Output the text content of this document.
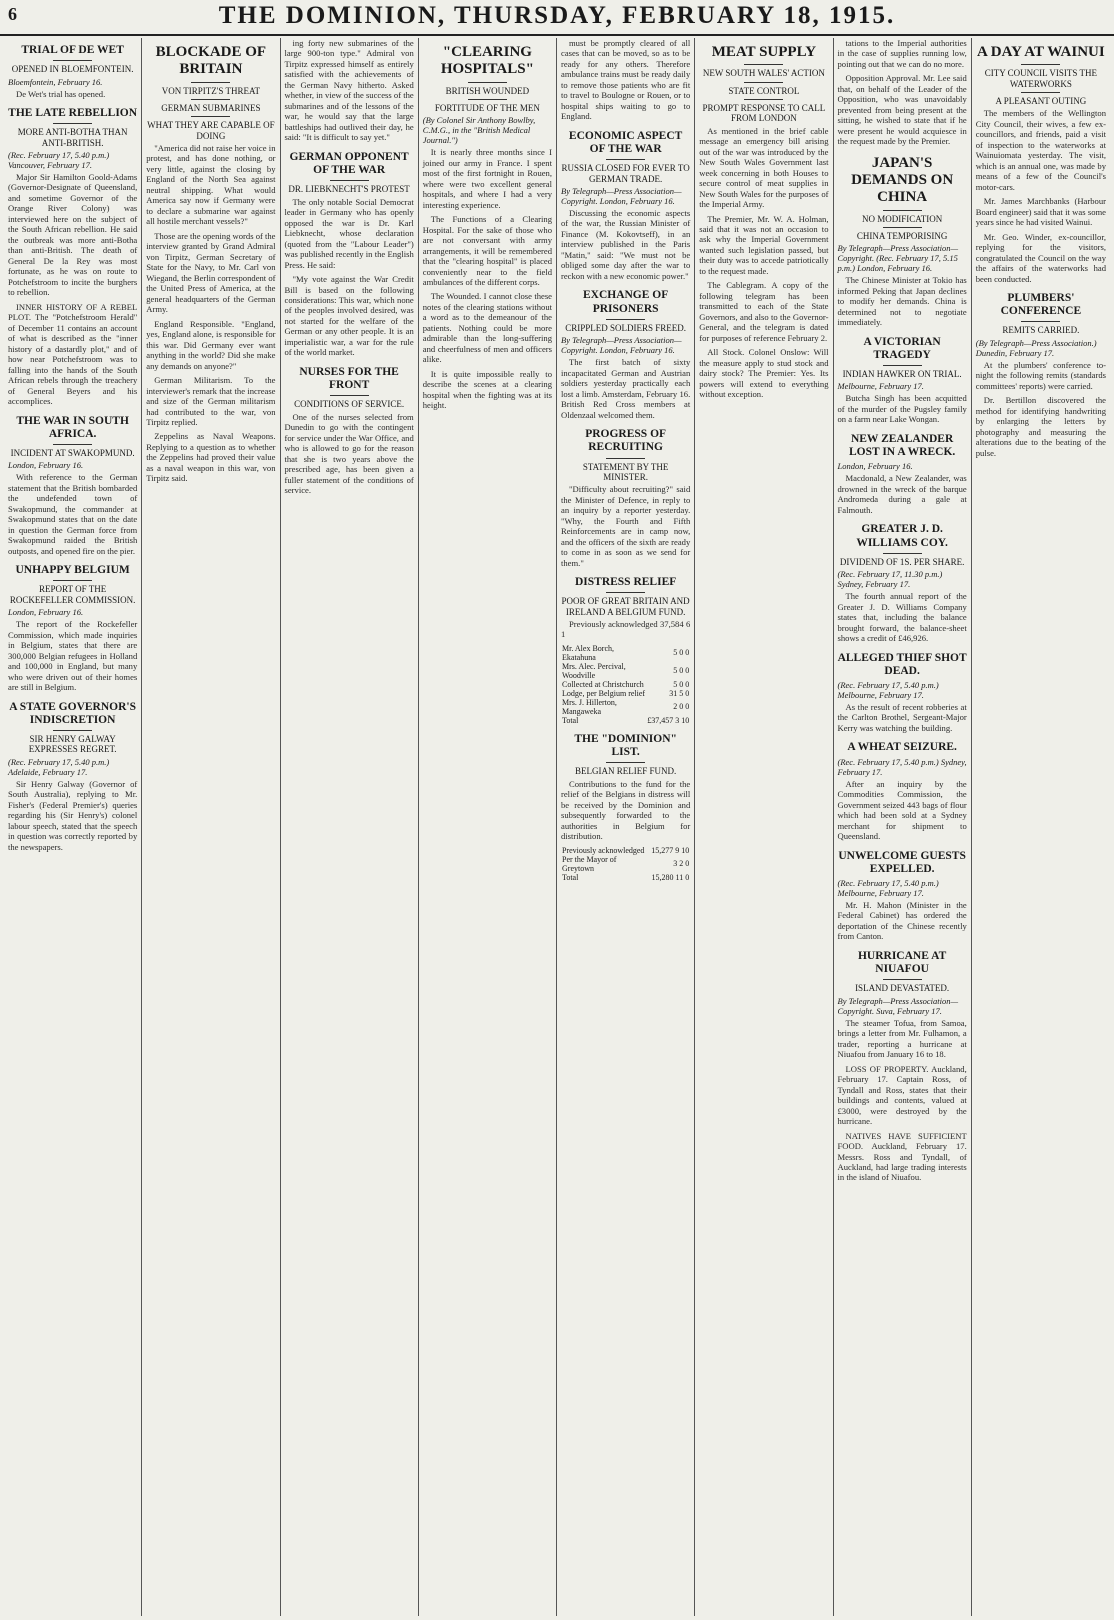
6	THE DOMINION, THURSDAY, FEBRUARY 18, 1915.
TRIAL OF DE WET
OPENED IN BLOEMFONTEIN.
Bloemfontein, February 16.

De Wet's trial has opened.

THE LATE REBELLION
MORE ANTI-BOTHA THAN ANTI-BRITISH.
(Rec. February 17, 5.40 p.m.) Vancouver, February 17.

Major Sir Hamilton Goold-Adams (Governor-Designate of Queensland, and sometime Governor of the Orange River Colony) was interviewed here on the subject of the South African rebellion. He said the outbreak was more anti-Botha than anti-British. The death of General De la Rey was most fortunate, as he was on route to Potchefstroom to incite the burghers to rebellion.

INNER HISTORY OF A REBEL PLOT. The "Potchefstroom Herald" of December 11 contains an account of what is described as the "inner history of a dastardly plot," and of how near Potchefstroom was to falling into the hands of the South African rebels through the treachery of General Beyers and his accomplices.

THE WAR IN SOUTH AFRICA.
INCIDENT AT SWAKOPMUND.
London, February 16.

With reference to the German statement that the British bombarded the undefended town of Swakopmund, the commander at Swakopmund states that on the date in question the German force from Swakopmund raided the British outposts, and opened fire on the pier.

UNHAPPY BELGIUM
REPORT OF THE ROCKEFELLER COMMISSION.
London, February 16.

The report of the Rockefeller Commission, which made inquiries in Belgium, states that there are 300,000 Belgian refugees in Holland and 100,000 in England, but many who were driven out of their homes are still in Belgium.

A STATE GOVERNOR'S INDISCRETION
SIR HENRY GALWAY EXPRESSES REGRET.
(Rec. February 17, 5.40 p.m.) Adelaide, February 17.

Sir Henry Galway (Governor of South Australia), replying to Mr. Fisher's (Federal Premier's) queries regarding his (Sir Henry's) colonel labour speech, stated that the speech in question was correctly reported by the newspapers.

BLOCKADE OF BRITAIN
VON TIRPITZ'S THREAT
GERMAN SUBMARINES
WHAT THEY ARE CAPABLE OF DOING

"America did not raise her voice in protest, and has done nothing, or very little, against the closing by England of the North Sea against neutral shipping. What would America say now if Germany were to declare a submarine war against all hostile merchant vessels?"

Those are the opening words of the interview granted by Grand Admiral von Tirpitz, German Secretary of State for the Navy, to Mr. Carl von Wiegand, the Berlin correspondent of the United Press of America, at the general headquarters of the German Army.

England Responsible. "England, yes, England alone, is responsible for this war. Did Germany ever want anything in the world? Did she make any demands on anyone?"

German Militarism. To the interviewer's remark that the increase and size of the German militarism had contributed to the war, von Tirpitz replied.

Zeppelins as Naval Weapons. Replying to a question as to whether the Zeppelins had proved their value as a naval weapon in this war, von Tirpitz said.

ing forty new submarines of the large 900-ton type." Admiral von Tirpitz expressed himself as entirely satisfied with the achievements of the German Navy hitherto. Asked whether, in view of the success of the submarines and of the lessons of the war, he would say that the large battleships had outlived their day, he said: "It is difficult to say yet."

GERMAN OPPONENT OF THE WAR
DR. LIEBKNECHT'S PROTEST

The only notable Social Democrat leader in Germany who has openly opposed the war is Dr. Karl Liebknecht, whose declaration (quoted from the "Labour Leader") was published recently in the English Press. He said:

"My vote against the War Credit Bill is based on the following considerations: This war, which none of the peoples involved desired, was not started for the welfare of the German or any other people. It is an imperialistic war, a war for the rule of the world market.

NURSES FOR THE FRONT
CONDITIONS OF SERVICE.

One of the nurses selected from Dunedin to go with the contingent for service under the War Office, and who is allowed to go for the reason that she is two years above the prescribed age, has been given a fuller statement of the conditions of service.

"CLEARING HOSPITALS"
BRITISH WOUNDED
FORTITUDE OF THE MEN
(By Colonel Sir Anthony Bowlby, C.M.G., in the "British Medical Journal.")

It is nearly three months since I joined our army in France. I spent most of the first fortnight in Rouen, where were two excellent general hospitals, and where I had a very interesting experience.

The Functions of a Clearing Hospital. For the sake of those who are not conversant with army arrangements, it will be remembered that the "clearing hospital" is placed conveniently near to the field ambulances of the different corps.

The Wounded. I cannot close these notes of the clearing stations without a word as to the demeanour of the patients. Nothing could be more admirable than the long-suffering and cheerfulness of men and officers alike.

It is quite impossible really to describe the scenes at a clearing hospital when the fighting was at its height.

must be promptly cleared of all cases that can be moved, so as to be ready for any others. Therefore ambulance trains must be ready daily to remove those patients who are fit to travel to Boulogne or Rouen, or to hospital ships waiting to go to England.

ECONOMIC ASPECT OF THE WAR
RUSSIA CLOSED FOR EVER TO GERMAN TRADE.
By Telegraph—Press Association—Copyright. London, February 16.

Discussing the economic aspects of the war, the Russian Minister of Finance (M. Kokovtseff), in an interview published in the Paris "Matin," said: "We must not be obliged some day after the war to reckon with a new economic power."

EXCHANGE OF PRISONERS
CRIPPLED SOLDIERS FREED.
By Telegraph—Press Association—Copyright. London, February 16.

The first batch of sixty incapacitated German and Austrian soldiers yesterday practically each lost a limb. Amsterdam, February 16. British Red Cross members at Oldenzaal welcomed them.

PROGRESS OF RECRUITING
STATEMENT BY THE MINISTER.

"Difficulty about recruiting?" said the Minister of Defence, in reply to an inquiry by a reporter yesterday. "Why, the Fourth and Fifth Reinforcements are in camp now, and the officers of the sixth are ready to come in as soon as we send for them."

DISTRESS RELIEF
POOR OF GREAT BRITAIN AND IRELAND A BELGIUM FUND.

Previously acknowledged 37,584 6 1

Mr. Alex Borch, Ekatahuna	5 0 0
Mrs. Alec. Percival, Woodville	5 0 0
Collected at Christchurch	5 0 0
Lodge, per Belgium relief	31 5 0
Mrs. J. Hillerton, Mangaweka	2 0 0
Total	£37,457 3 10
THE "DOMINION" LIST.
BELGIAN RELIEF FUND.

Contributions to the fund for the relief of the Belgians in distress will be received by the Dominion and subsequently forwarded to the authorities in Belgium for distribution.

Previously acknowledged	15,277 9 10
Per the Mayor of Greytown	3 2 0
Total	15,280 11 0
MEAT SUPPLY
NEW SOUTH WALES' ACTION
STATE CONTROL
PROMPT RESPONSE TO CALL FROM LONDON

As mentioned in the brief cable message an emergency bill arising out of the war was introduced by the New South Wales Government last week concerning in both Houses to secure control of meat supplies in New South Wales for the purposes of the Imperial Army.

The Premier, Mr. W. A. Holman, said that it was not an occasion to ask why the Imperial Government wanted such legislation passed, but their duty was to accede patriotically to the request made.

The Cablegram. A copy of the following telegram has been transmitted to each of the State Governors, and also to the Governor-General, and the telegram is dated for purposes of reference February 2.

All Stock. Colonel Onslow: Will the measure apply to stud stock and dairy stock? The Premier: Yes. Its powers will extend to everything without exception.

tations to the Imperial authorities in the case of supplies running low, pointing out that we can do no more.

Opposition Approval. Mr. Lee said that, on behalf of the Leader of the Opposition, who was unavoidably prevented from being present at the sitting, he wished to state that if he were present he would acquiesce in the request made by the Premier.

JAPAN'S DEMANDS ON CHINA
NO MODIFICATION
CHINA TEMPORISING
By Telegraph—Press Association—Copyright. (Rec. February 17, 5.15 p.m.) London, February 16.

The Chinese Minister at Tokio has informed Peking that Japan declines to modify her demands. China is determined not to negotiate immediately.

A VICTORIAN TRAGEDY
INDIAN HAWKER ON TRIAL.
Melbourne, February 17.

Butcha Singh has been acquitted of the murder of the Pugsley family on a farm near Lake Wongan.

NEW ZEALANDER LOST IN A WRECK.
London, February 16.

Macdonald, a New Zealander, was drowned in the wreck of the barque Andromeda during a gale at Falmouth.

GREATER J. D. WILLIAMS COY.
DIVIDEND OF 1S. PER SHARE.
(Rec. February 17, 11.30 p.m.) Sydney, February 17.

The fourth annual report of the Greater J. D. Williams Company states that, including the balance brought forward, the balance-sheet shows a credit of £46,926.

ALLEGED THIEF SHOT DEAD.
(Rec. February 17, 5.40 p.m.) Melbourne, February 17.

As the result of recent robberies at the Carlton Brothel, Sergeant-Major Kerry was watching the building.

A WHEAT SEIZURE.
(Rec. February 17, 5.40 p.m.) Sydney, February 17.

After an inquiry by the Commodities Commission, the Government seized 443 bags of flour which had been sold at a Sydney merchant for shipment to Queensland.

UNWELCOME GUESTS EXPELLED.
(Rec. February 17, 5.40 p.m.) Melbourne, February 17.

Mr. H. Mahon (Minister in the Federal Cabinet) has ordered the deportation of the Chinese recently from Canton.

HURRICANE AT NIUAFOU
ISLAND DEVASTATED.
By Telegraph—Press Association—Copyright. Suva, February 17.

The steamer Tofua, from Samoa, brings a letter from Mr. Fulhamon, a trader, reporting a hurricane at Niuafou from January 16 to 18.

LOSS OF PROPERTY. Auckland, February 17. Captain Ross, of Tyndall and Ross, states that their buildings and contents, valued at £3000, were destroyed by the hurricane.

NATIVES HAVE SUFFICIENT FOOD. Auckland, February 17. Messrs. Ross and Tyndall, of Auckland, had large trading interests in the island of Niuafou.

A DAY AT WAINUI
CITY COUNCIL VISITS THE WATERWORKS
A PLEASANT OUTING

The members of the Wellington City Council, their wives, a few ex-councillors, and friends, paid a visit of inspection to the waterworks at Wainuiomata yesterday. The visit, which is an annual one, was made by means of a few of the Council's motor-cars.

Mr. James Marchbanks (Harbour Board engineer) said that it was some years since he had visited Wainui.

Mr. Geo. Winder, ex-councillor, replying for the visitors, congratulated the Council on the way the affairs of the waterworks had been conducted.

PLUMBERS' CONFERENCE
REMITS CARRIED.
(By Telegraph—Press Association.) Dunedin, February 17.

At the plumbers' conference to-night the following remits (standards committees' reports) were carried.

Dr. Bertillon discovered the method for identifying handwriting by enlarging the letters by photography and measuring the alterations due to the beating of the pulse.
